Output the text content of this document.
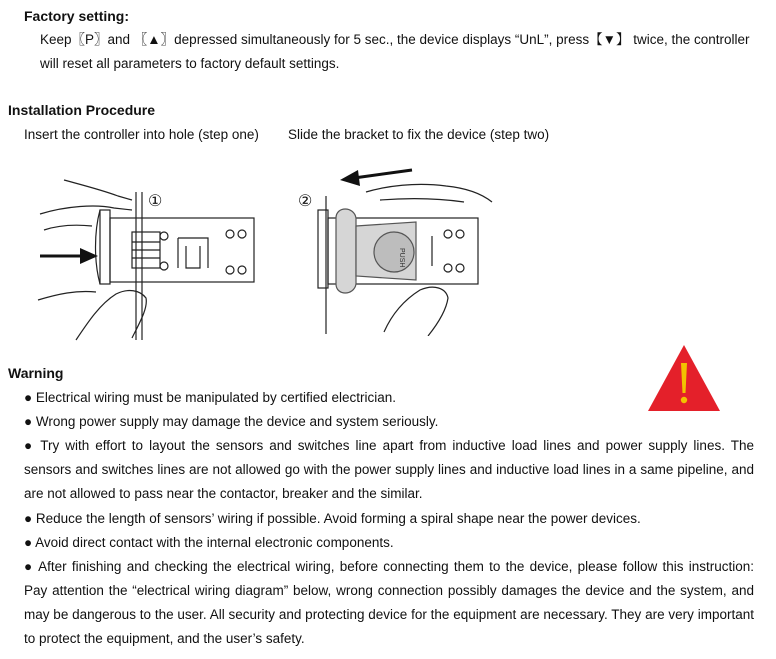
Factory setting:
Keep〖P〗and 〖▲〗depressed simultaneously for 5 sec., the device displays “UnL”, press【▼】 twice, the controller
will reset all parameters to factory default settings.
Installation Procedure
Insert the controller into hole (step one) Slide the bracket to fix the device (step two)
①
PUSH
②
Warning
● Electrical wiring must be manipulated by certified electrician.
● Wrong power supply may damage the device and system seriously.
● Try with effort to layout the sensors and switches line apart from inductive load lines and power supply lines. The sensors and switches lines are not allowed go with the power supply lines and inductive load lines in a same pipeline, and are not allowed to pass near the contactor, breaker and the similar.
● Reduce the length of sensors’ wiring if possible. Avoid forming a spiral shape near the power devices.
● Avoid direct contact with the internal electronic components.
● After finishing and checking the electrical wiring, before connecting them to the device, please follow this instruction: Pay attention the “electrical wiring diagram” below, wrong connection possibly damages the device and the system, and may be dangerous to the user. All security and protecting device for the equipment are necessary. They are very important to protect the equipment, and the user’s safety.
